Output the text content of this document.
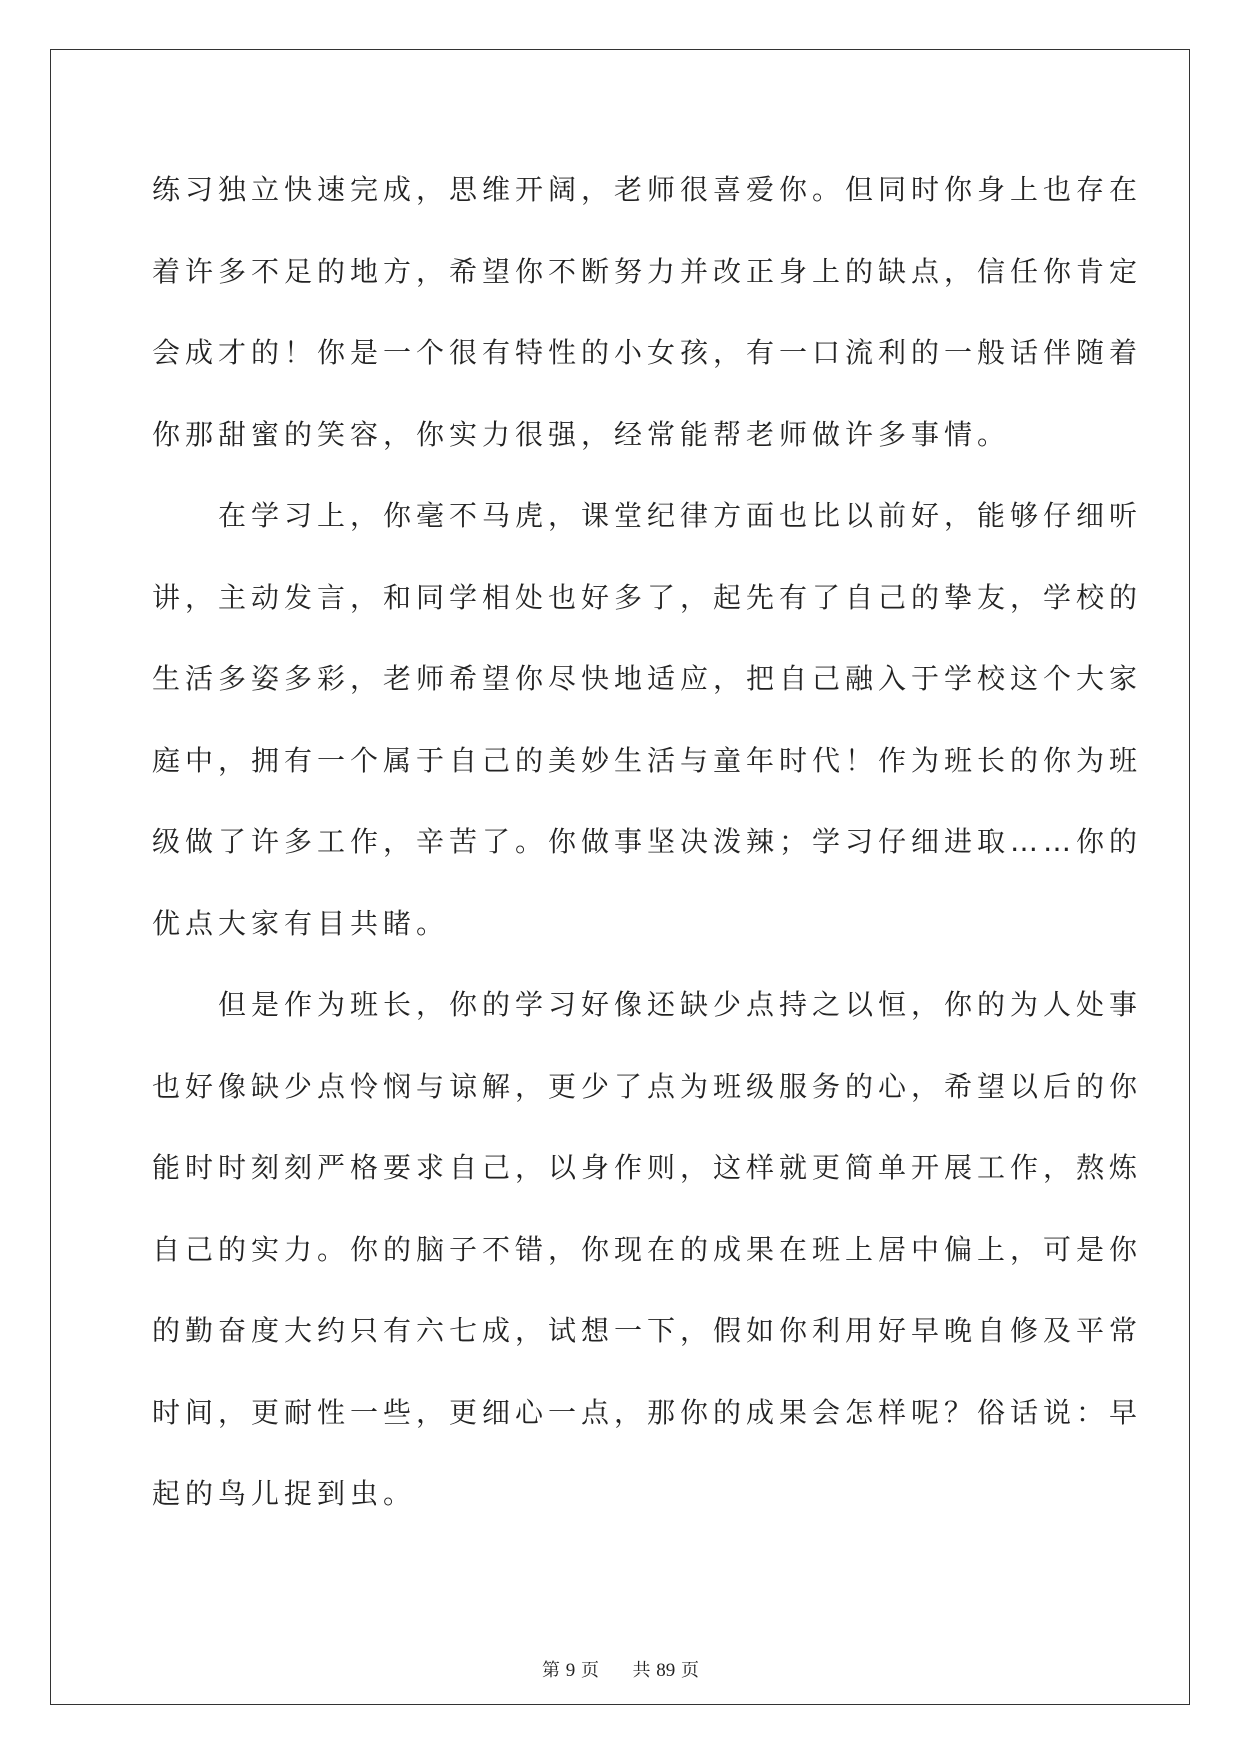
练习独立快速完成，思维开阔，老师很喜爱你。但同时你身上也存在
着许多不足的地方，希望你不断努力并改正身上的缺点，信任你肯定
会成才的！你是一个很有特性的小女孩，有一口流利的一般话伴随着
你那甜蜜的笑容，你实力很强，经常能帮老师做许多事情。
在学习上，你毫不马虎，课堂纪律方面也比以前好，能够仔细听
讲，主动发言，和同学相处也好多了，起先有了自己的挚友，学校的
生活多姿多彩，老师希望你尽快地适应，把自己融入于学校这个大家
庭中，拥有一个属于自己的美妙生活与童年时代！作为班长的你为班
级做了许多工作，辛苦了。你做事坚决泼辣；学习仔细进取……你的
优点大家有目共睹。
但是作为班长，你的学习好像还缺少点持之以恒，你的为人处事
也好像缺少点怜悯与谅解，更少了点为班级服务的心，希望以后的你
能时时刻刻严格要求自己，以身作则，这样就更简单开展工作，熬炼
自己的实力。你的脑子不错，你现在的成果在班上居中偏上，可是你
的勤奋度大约只有六七成，试想一下，假如你利用好早晚自修及平常
时间，更耐性一些，更细心一点，那你的成果会怎样呢？俗话说：早
起的鸟儿捉到虫。
第 9 页 共 89 页
